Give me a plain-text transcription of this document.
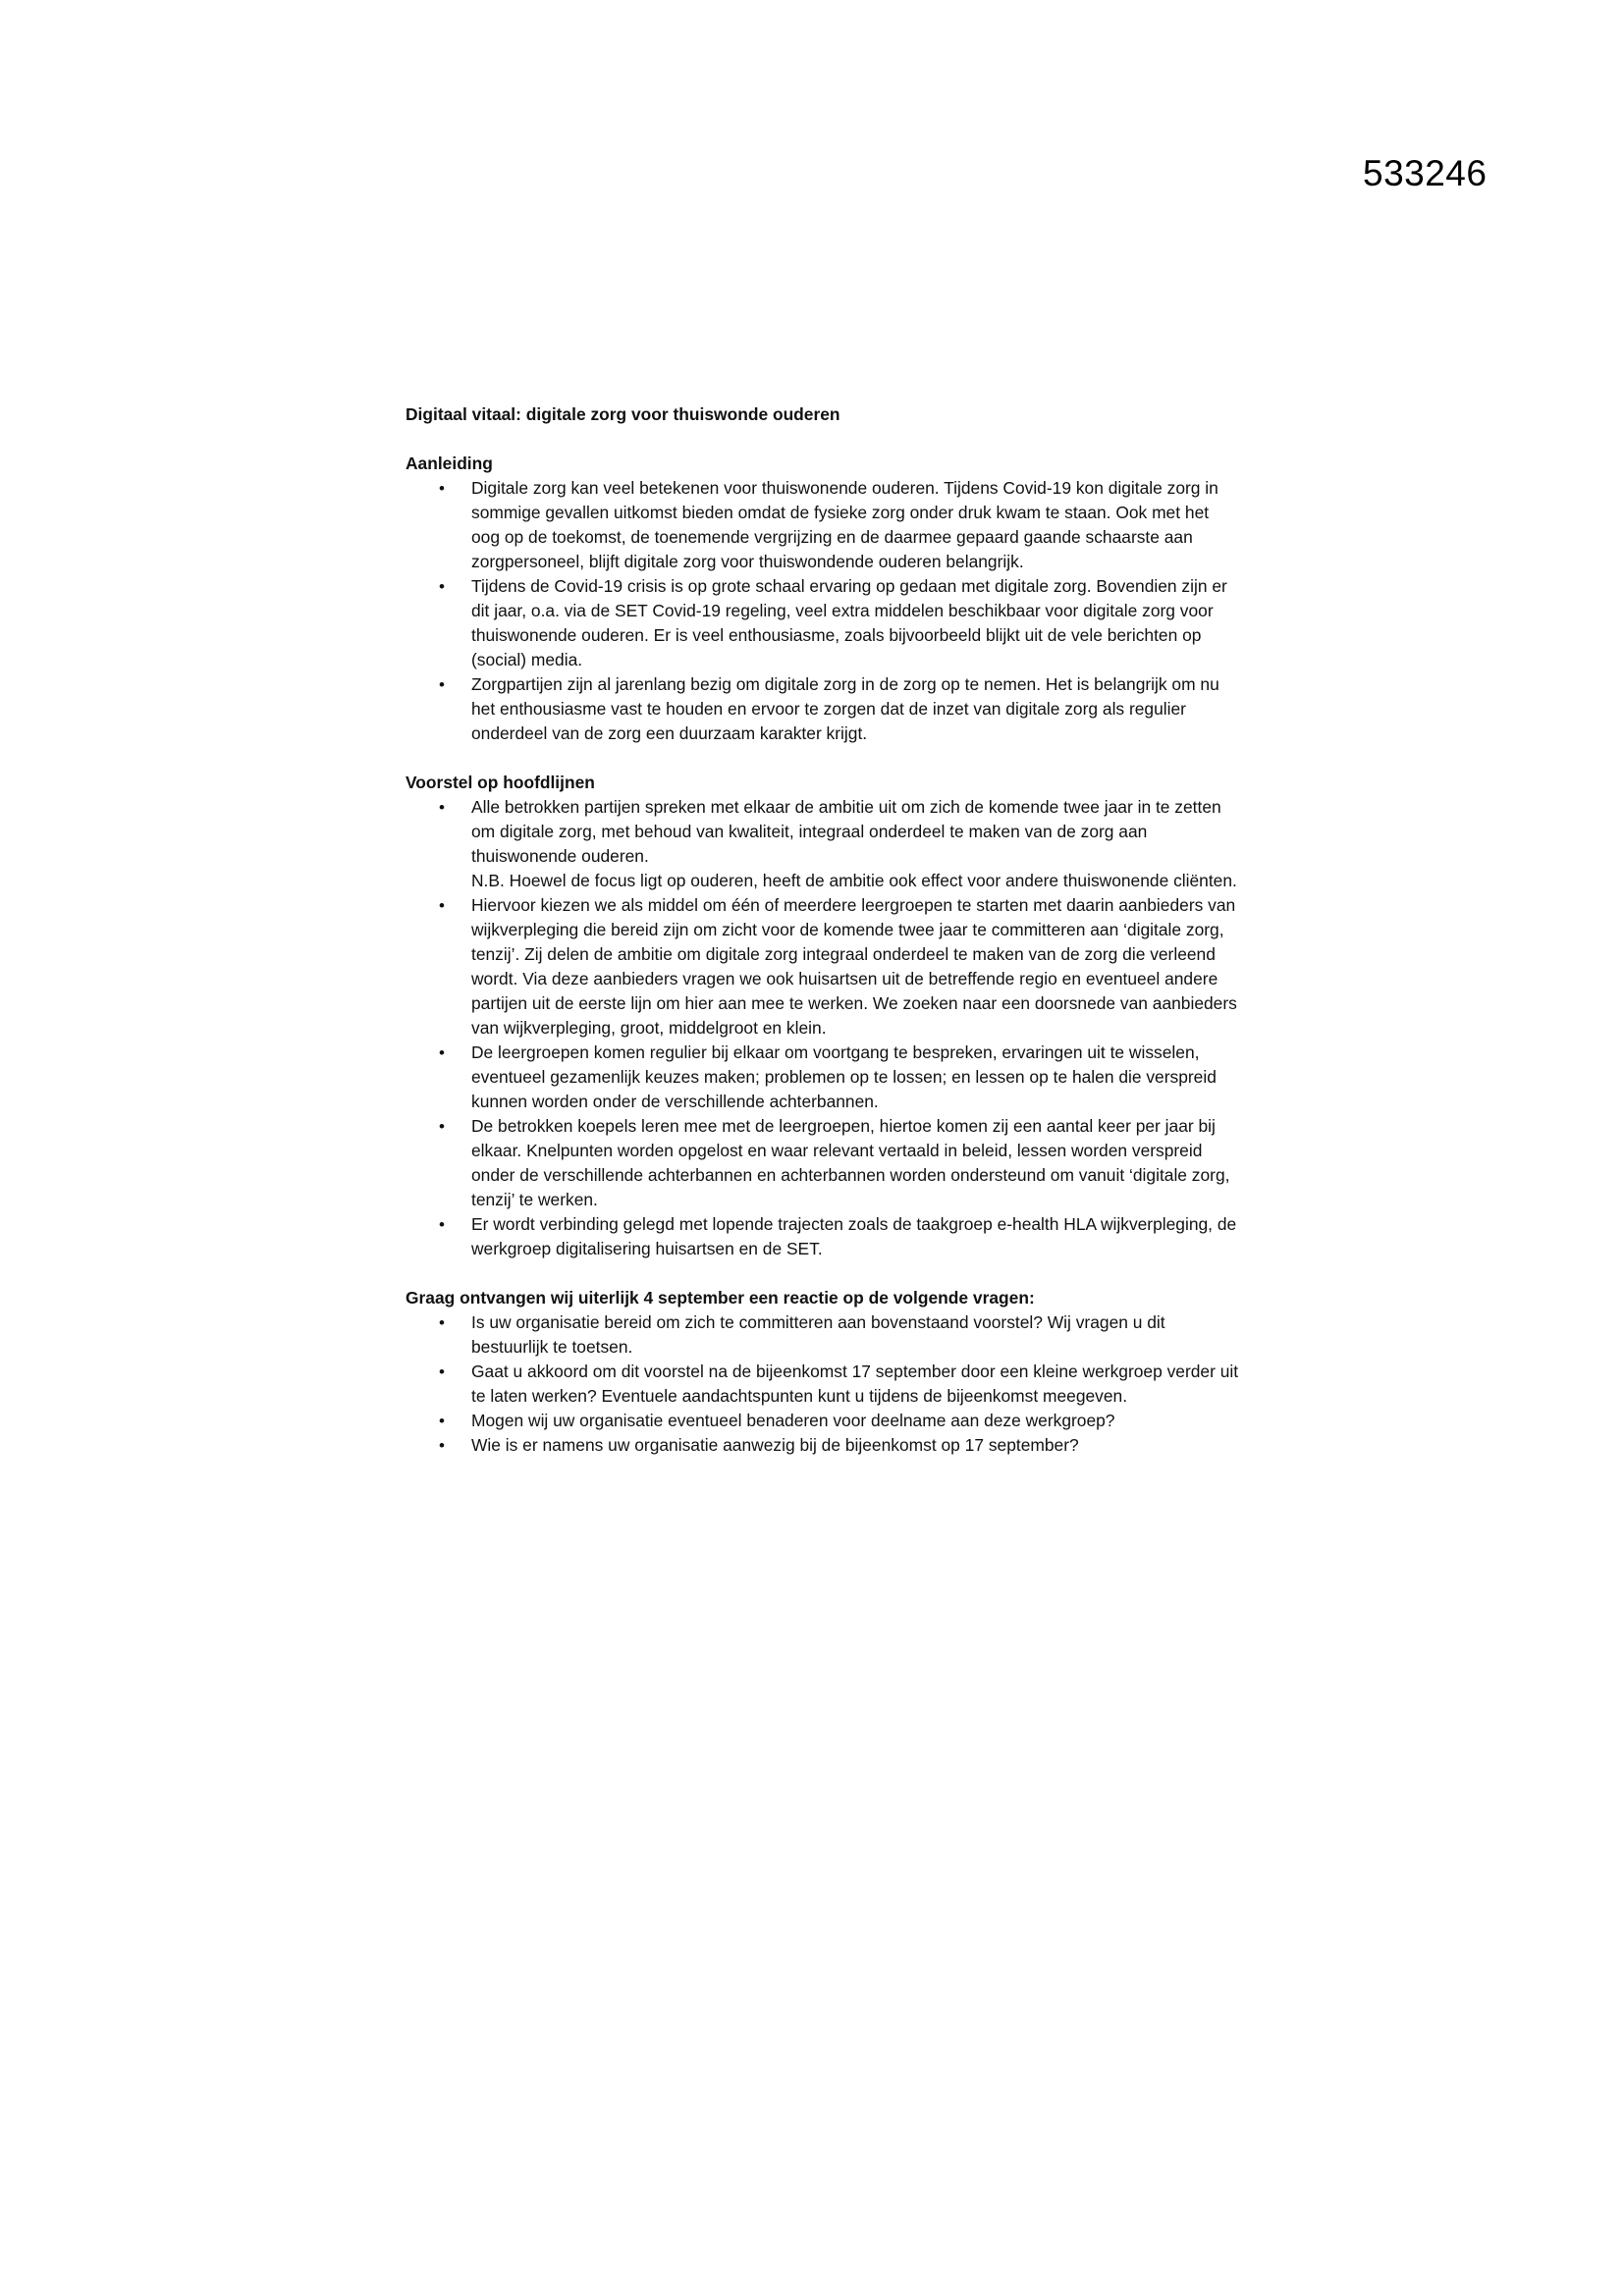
533246

Digitaal vitaal: digitale zorg voor thuiswonde ouderen

Aanleiding

• Digitale zorg kan veel betekenen voor thuiswonende ouderen. Tijdens Covid-19 kon digitale zorg in sommige gevallen uitkomst bieden omdat de fysieke zorg onder druk kwam te staan. Ook met het oog op de toekomst, de toenemende vergrijzing en de daarmee gepaard gaande schaarste aan zorgpersoneel, blijft digitale zorg voor thuiswondende ouderen belangrijk.
• Tijdens de Covid-19 crisis is op grote schaal ervaring op gedaan met digitale zorg. Bovendien zijn er dit jaar, o.a. via de SET Covid-19 regeling, veel extra middelen beschikbaar voor digitale zorg voor thuiswonende ouderen. Er is veel enthousiasme, zoals bijvoorbeeld blijkt uit de vele berichten op (social) media.
• Zorgpartijen zijn al jarenlang bezig om digitale zorg in de zorg op te nemen. Het is belangrijk om nu het enthousiasme vast te houden en ervoor te zorgen dat de inzet van digitale zorg als regulier onderdeel van de zorg een duurzaam karakter krijgt.

Voorstel op hoofdlijnen

• Alle betrokken partijen spreken met elkaar de ambitie uit om zich de komende twee jaar in te zetten om digitale zorg, met behoud van kwaliteit, integraal onderdeel te maken van de zorg aan thuiswonende ouderen.
N.B. Hoewel de focus ligt op ouderen, heeft de ambitie ook effect voor andere thuiswonende cliënten.
• Hiervoor kiezen we als middel om één of meerdere leergroepen te starten met daarin aanbieders van wijkverpleging die bereid zijn om zicht voor de komende twee jaar te committeren aan ‘digitale zorg, tenzij’. Zij delen de ambitie om digitale zorg integraal onderdeel te maken van de zorg die verleend wordt. Via deze aanbieders vragen we ook huisartsen uit de betreffende regio en eventueel andere partijen uit de eerste lijn om hier aan mee te werken. We zoeken naar een doorsnede van aanbieders van wijkverpleging, groot, middelgroot en klein.
• De leergroepen komen regulier bij elkaar om voortgang te bespreken, ervaringen uit te wisselen, eventueel gezamenlijk keuzes maken; problemen op te lossen; en lessen op te halen die verspreid kunnen worden onder de verschillende achterbannen.
• De betrokken koepels leren mee met de leergroepen, hiertoe komen zij een aantal keer per jaar bij elkaar. Knelpunten worden opgelost en waar relevant vertaald in beleid, lessen worden verspreid onder de verschillende achterbannen en achterbannen worden ondersteund om vanuit ‘digitale zorg, tenzij’ te werken.
• Er wordt verbinding gelegd met lopende trajecten zoals de taakgroep e-health HLA wijkverpleging, de werkgroep digitalisering huisartsen en de SET.

Graag ontvangen wij uiterlijk 4 september een reactie op de volgende vragen:

• Is uw organisatie bereid om zich te committeren aan bovenstaand voorstel? Wij vragen u dit bestuurlijk te toetsen.
• Gaat u akkoord om dit voorstel na de bijeenkomst 17 september door een kleine werkgroep verder uit te laten werken? Eventuele aandachtspunten kunt u tijdens de bijeenkomst meegeven.
• Mogen wij uw organisatie eventueel benaderen voor deelname aan deze werkgroep?
• Wie is er namens uw organisatie aanwezig bij de bijeenkomst op 17 september?
